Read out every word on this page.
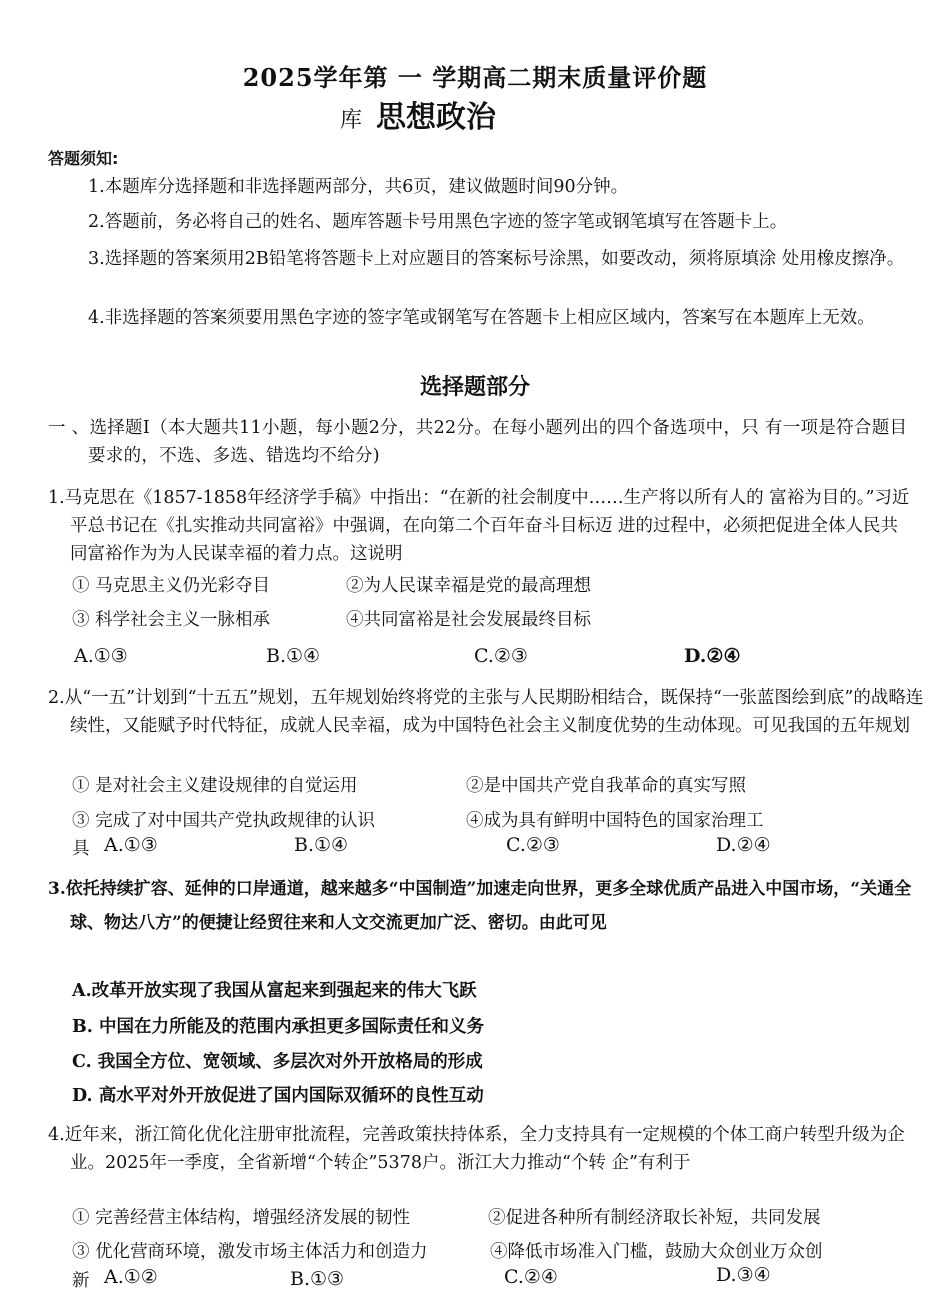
2025学年第 一 学期高二期末质量评价题
库 思想政治
答题须知:
1.本题库分选择题和非选择题两部分，共6页，建议做题时间90分钟。
2.答题前，务必将自己的姓名、题库答题卡号用黑色字迹的签字笔或钢笔填写在答题卡上。
3.选择题的答案须用2B铅笔将答题卡上对应题目的答案标号涂黑，如要改动，须将原填涂 处用橡皮擦净。
4.非选择题的答案须要用黑色字迹的签字笔或钢笔写在答题卡上相应区域内，答案写在本题库上无效。
选择题部分
一 、选择题Ⅰ（本大题共11小题，每小题2分，共22分。在每小题列出的四个备选项中，只 有一项是符合题目要求的，不选、多选、错选均不给分)
1.马克思在《1857-1858年经济学手稿》中指出：“在新的社会制度中……生产将以所有人的 富裕为目的。”习近平总书记在《扎实推动共同富裕》中强调，在向第二个百年奋斗目标迈 进的过程中，必须把促进全体人民共同富裕作为为人民谋幸福的着力点。这说明
① 马克思主义仍光彩夺目	②为人民谋幸福是党的最高理想
③ 科学社会主义一脉相承	④共同富裕是社会发展最终目标
A.①③	B.①④	C.②③	D.②④
2.从“一五”计划到“十五五”规划，五年规划始终将党的主张与人民期盼相结合，既保持“一张蓝图绘到底”的战略连续性，又能赋予时代特征，成就人民幸福，成为中国特色社会主义制度优势的生动体现。可见我国的五年规划
① 是对社会主义建设规律的自觉运用	②是中国共产党自我革命的真实写照
③ 完成了对中国共产党执政规律的认识	④成为具有鲜明中国特色的国家治理工
具 A.①③	B.①④	C.②③	D.②④
3.依托持续扩容、延伸的口岸通道，越来越多“中国制造”加速走向世界，更多全球优质产品进入中国市场，“关通全球、物达八方”的便捷让经贸往来和人文交流更加广泛、密切。由此可见
A.改革开放实现了我国从富起来到强起来的伟大飞跃
B. 中国在力所能及的范围内承担更多国际责任和义务
C. 我国全方位、宽领域、多层次对外开放格局的形成
D. 高水平对外开放促进了国内国际双循环的良性互动
4.近年来，浙江简化优化注册审批流程，完善政策扶持体系，全力支持具有一定规模的个体工商户转型升级为企业。2025年一季度，全省新增“个转企”5378户。浙江大力推动“个转 企”有利于
① 完善经营主体结构，增强经济发展的韧性	②促进各种所有制经济取长补短，共同发展
③ 优化营商环境，激发市场主体活力和创造力	④降低市场准入门槛，鼓励大众创业万众创
新 A.①②	B.①③	C.②④	D.③④
